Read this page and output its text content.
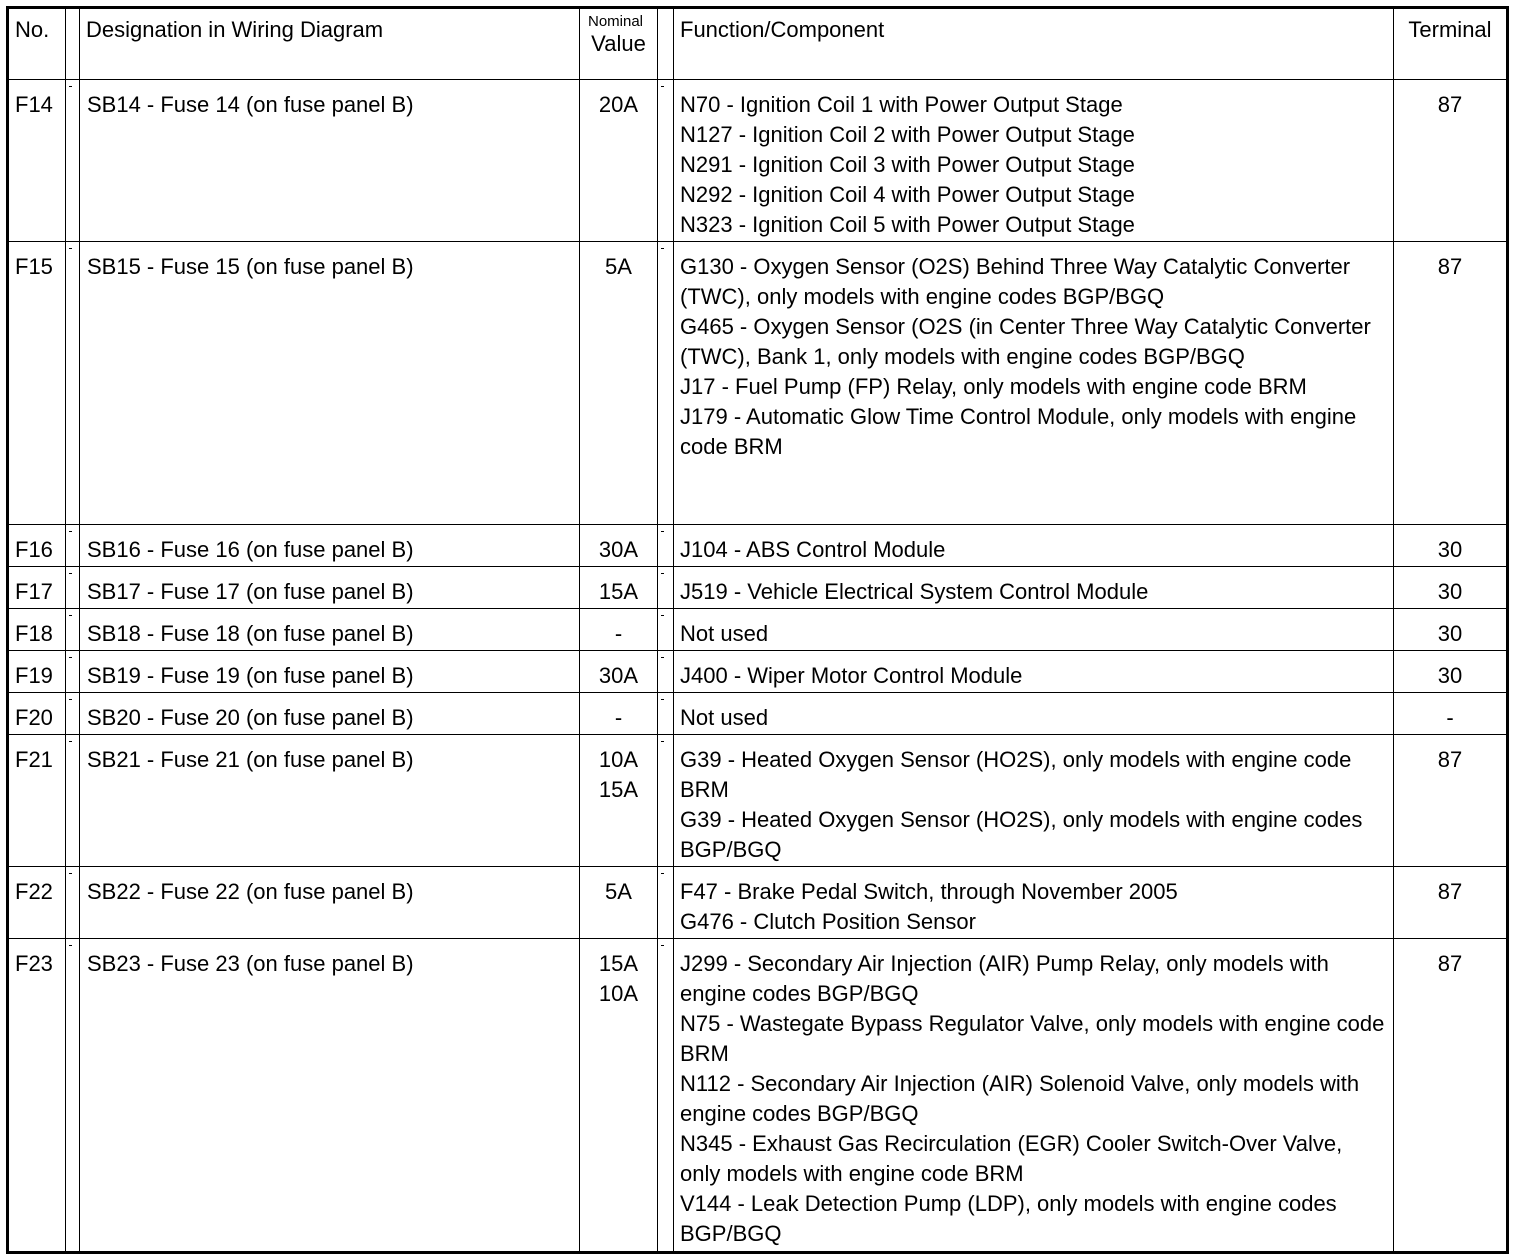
No.		Designation in Wiring Diagram	Nominal
Value		Function/Component	Terminal
F14		SB14 - Fuse 14 (on fuse panel B)	20A		N70 - Ignition Coil 1 with Power Output Stage
N127 - Ignition Coil 2 with Power Output Stage
N291 - Ignition Coil 3 with Power Output Stage
N292 - Ignition Coil 4 with Power Output Stage
N323 - Ignition Coil 5 with Power Output Stage	87
F15		SB15 - Fuse 15 (on fuse panel B)	5A		G130 - Oxygen Sensor (O2S) Behind Three Way Catalytic Converter (TWC), only models with engine codes BGP/BGQ
G465 - Oxygen Sensor (O2S (in Center Three Way Catalytic Converter (TWC), Bank 1, only models with engine codes BGP/BGQ
J17 - Fuel Pump (FP) Relay, only models with engine code BRM
J179 - Automatic Glow Time Control Module, only models with engine code BRM	87
F16		SB16 - Fuse 16 (on fuse panel B)	30A		J104 - ABS Control Module	30
F17		SB17 - Fuse 17 (on fuse panel B)	15A		J519 - Vehicle Electrical System Control Module	30
F18		SB18 - Fuse 18 (on fuse panel B)	-		Not used	30
F19		SB19 - Fuse 19 (on fuse panel B)	30A		J400 - Wiper Motor Control Module	30
F20		SB20 - Fuse 20 (on fuse panel B)	-		Not used	-
F21		SB21 - Fuse 21 (on fuse panel B)	10A
15A		G39 - Heated Oxygen Sensor (HO2S), only models with engine code BRM
G39 - Heated Oxygen Sensor (HO2S), only models with engine codes BGP/BGQ	87
F22		SB22 - Fuse 22 (on fuse panel B)	5A		F47 - Brake Pedal Switch, through November 2005
G476 - Clutch Position Sensor	87
F23		SB23 - Fuse 23 (on fuse panel B)	15A
10A		J299 - Secondary Air Injection (AIR) Pump Relay, only models with engine codes BGP/BGQ
N75 - Wastegate Bypass Regulator Valve, only models with engine code BRM
N112 - Secondary Air Injection (AIR) Solenoid Valve, only models with engine codes BGP/BGQ
N345 - Exhaust Gas Recirculation (EGR) Cooler Switch-Over Valve, only models with engine code BRM
V144 - Leak Detection Pump (LDP), only models with engine codes BGP/BGQ	87
